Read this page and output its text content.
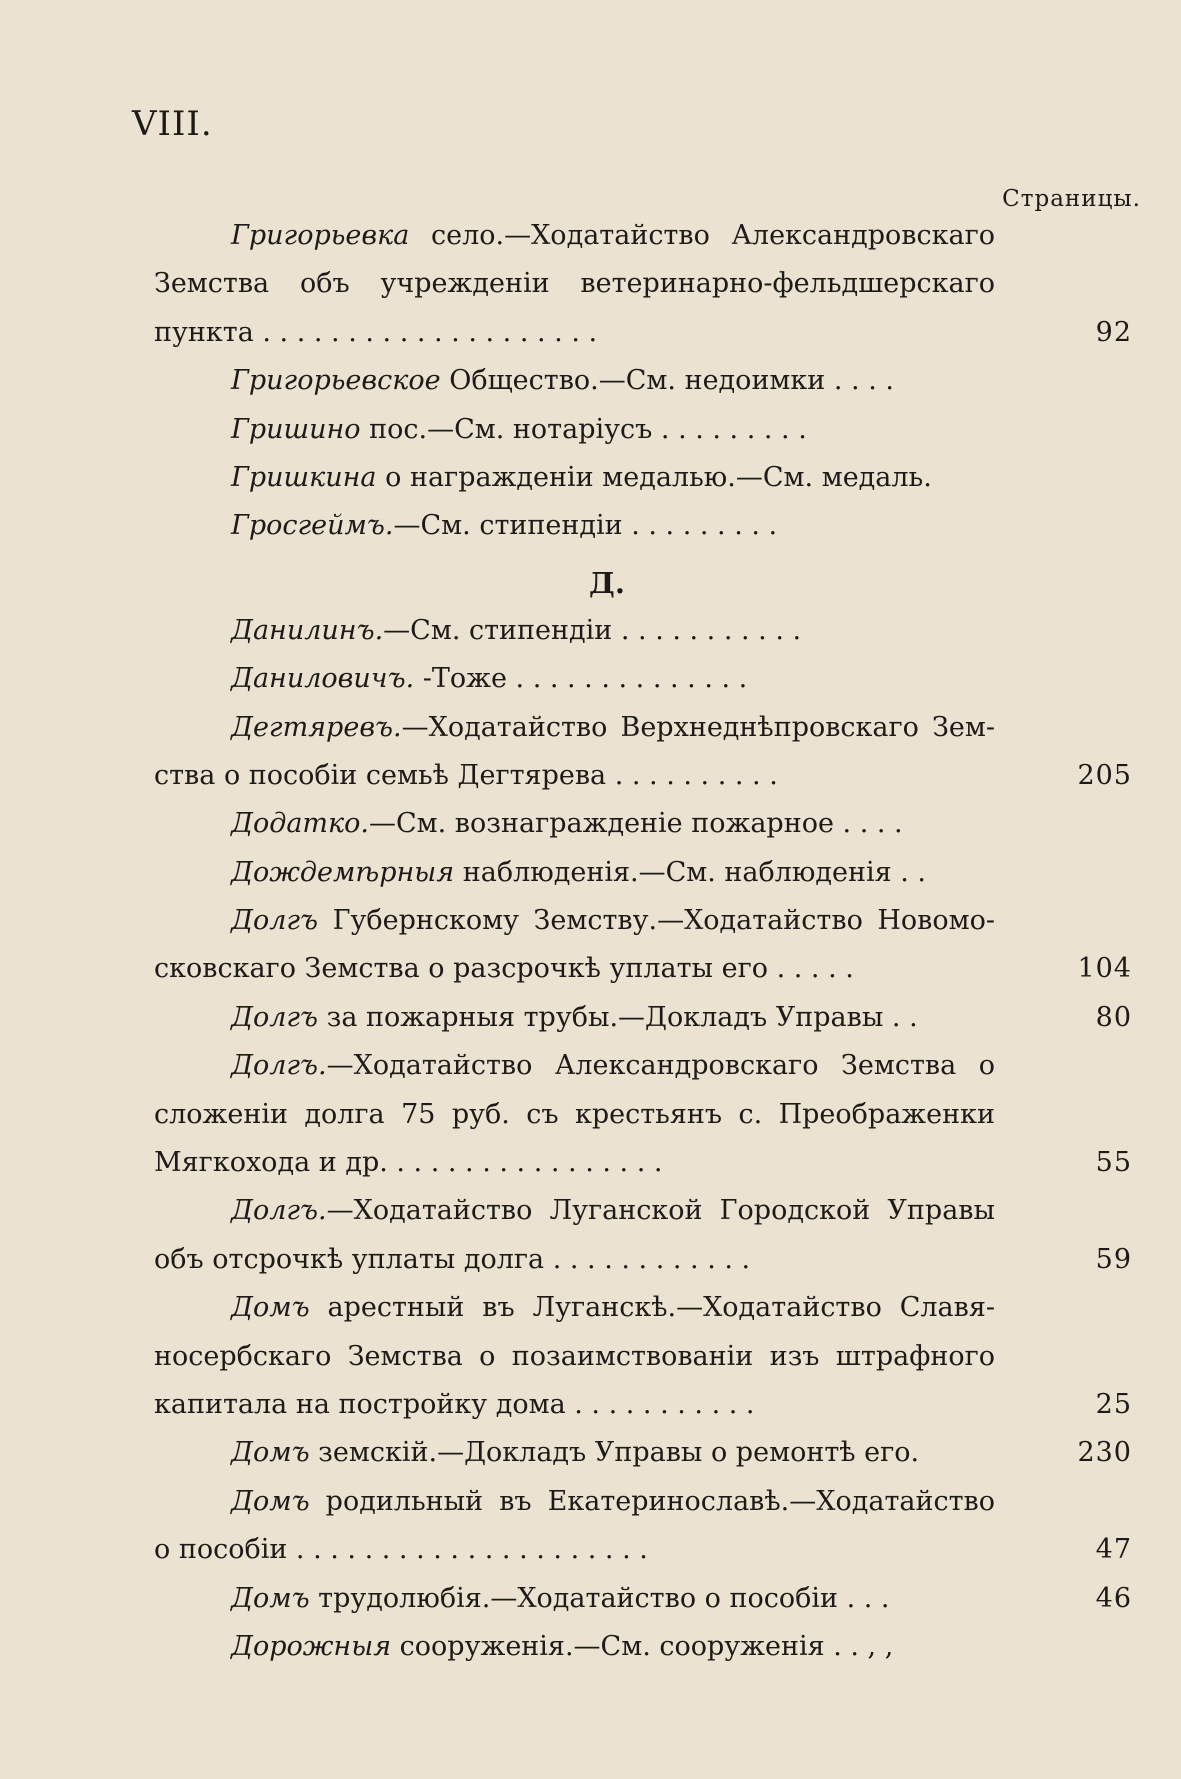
VIII.
Страницы.
Григорьевка село.—Ходатайство Александровскаго
Земства объ учрежденіи ветеринарно-фельдшерскаго
пункта . . . . . . . . . . . . . . . . . . . .	92
Григорьевское Общество.—См. недоимки . . . .
Гришино пос.—См. нотаріусъ . . . . . . . . .
Гришкина о награжденіи медалью.—См. медаль.
Гросгеймъ.—См. стипендіи . . . . . . . . .
Д.
Данилинъ.—См. стипендіи . . . . . . . . . . .
Даниловичъ. -Тоже . . . . . . . . . . . . . .
Дегтяревъ.—Ходатайство Верхнеднѣпровскаго Зем-
ства о пособіи семьѣ Дегтярева . . . . . . . . . .	205
Додатко.—См. вознагражденіе пожарное . . . .
Дождемѣрныя наблюденія.—См. наблюденія . .
Долгъ Губернскому Земству.—Ходатайство Новомо-
сковскаго Земства о разсрочкѣ уплаты его . . . . .	104
Долгъ за пожарныя трубы.—Докладъ Управы . .	80
Долгъ.—Ходатайство Александровскаго Земства о
сложеніи долга 75 руб. съ крестьянъ с. Преображенки
Мягкохода и др. . . . . . . . . . . . . . . . .	55
Долгъ.—Ходатайство Луганской Городской Управы
объ отсрочкѣ уплаты долга . . . . . . . . . . . .	59
Домъ арестный въ Луганскѣ.—Ходатайство Славя-
носербскаго Земства о позаимствованіи изъ штрафного
капитала на постройку дома . . . . . . . . . . .	25
Домъ земскій.—Докладъ Управы о ремонтѣ его.	230
Домъ родильный въ Екатеринославѣ.—Ходатайство
о пособіи . . . . . . . . . . . . . . . . . . . . .	47
Домъ трудолюбія.—Ходатайство о пособіи . . .	46
Дорожныя сооруженія.—См. сооруженія . . , ,
